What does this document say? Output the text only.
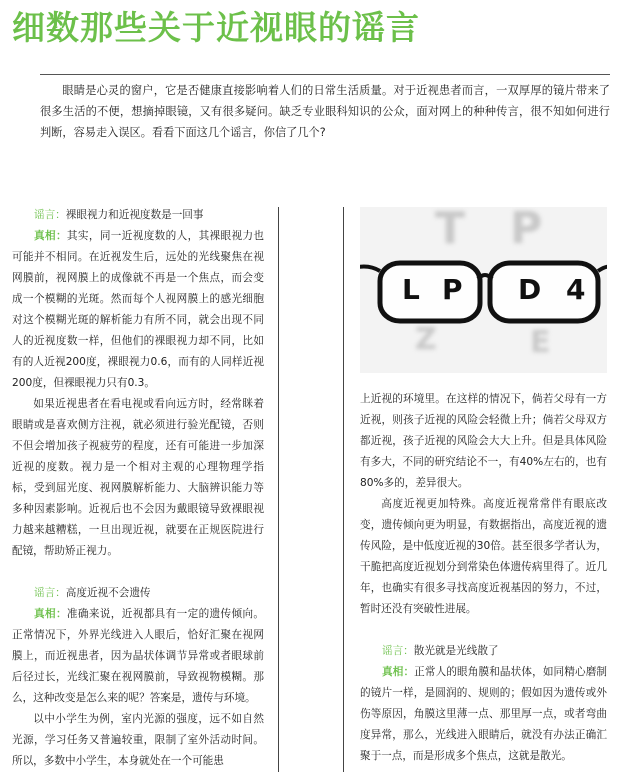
细数那些关于近视眼的谣言

眼睛是心灵的窗户，它是否健康直接影响着人们的日常生活质量。对于近视患者而言，一双厚厚的镜片带来了很多生活的不便，想摘掉眼镜，又有很多疑问。缺乏专业眼科知识的公众，面对网上的种种传言，很不知如何进行判断，容易走入误区。看看下面这几个谣言，你信了几个?

谣言：裸眼视力和近视度数是一回事

真相：其实，同一近视度数的人，其裸眼视力也可能并不相同。在近视发生后，远处的光线聚焦在视网膜前，视网膜上的成像就不再是一个焦点，而会变成一个模糊的光斑。然而每个人视网膜上的感光细胞对这个模糊光斑的解析能力有所不同，就会出现不同人的近视度数一样，但他们的裸眼视力却不同，比如有的人近视200度，裸眼视力0.6，而有的人同样近视200度，但裸眼视力只有0.3。

如果近视患者在看电视或看向远方时，经常眯着眼睛或是喜欢侧方注视，就必须进行验光配镜，否则不但会增加孩子视疲劳的程度，还有可能进一步加深近视的度数。视力是一个相对主观的心理物理学指标，受到屈光度、视网膜解析能力、大脑辨识能力等多种因素影响。近视后也不会因为戴眼镜导致裸眼视力越来越糟糕，一旦出现近视，就要在正规医院进行配镜，帮助矫正视力。

谣言：高度近视不会遗传

真相：准确来说，近视都具有一定的遗传倾向。正常情况下，外界光线进入人眼后，恰好汇聚在视网膜上，而近视患者，因为晶状体调节异常或者眼球前后径过长，光线汇聚在视网膜前，导致视物模糊。那么，这种改变是怎么来的呢？答案是，遗传与环境。

以中小学生为例，室内光源的强度，远不如自然光源，学习任务又普遍较重，限制了室外活动时间。所以，多数中小学生，本身就处在一个可能患

T P
Z	E
L P D 4

上近视的环境里。在这样的情况下，倘若父母有一方近视，则孩子近视的风险会轻微上升；倘若父母双方都近视，孩子近视的风险会大大上升。但是具体风险有多大，不同的研究结论不一，有40%左右的，也有80%多的，差异很大。

高度近视更加特殊。高度近视常常伴有眼底改变，遗传倾向更为明显，有数据指出，高度近视的遗传风险，是中低度近视的30倍。甚至很多学者认为，干脆把高度近视划分到常染色体遗传病里得了。近几年，也确实有很多寻找高度近视基因的努力，不过，暂时还没有突破性进展。

谣言：散光就是光线散了

真相：正常人的眼角膜和晶状体，如同精心磨制的镜片一样，是圆润的、规则的；假如因为遗传或外伤等原因，角膜这里薄一点、那里厚一点，或者弯曲度异常，那么，光线进入眼睛后，就没有办法正确汇聚于一点，而是形成多个焦点，这就是散光。
